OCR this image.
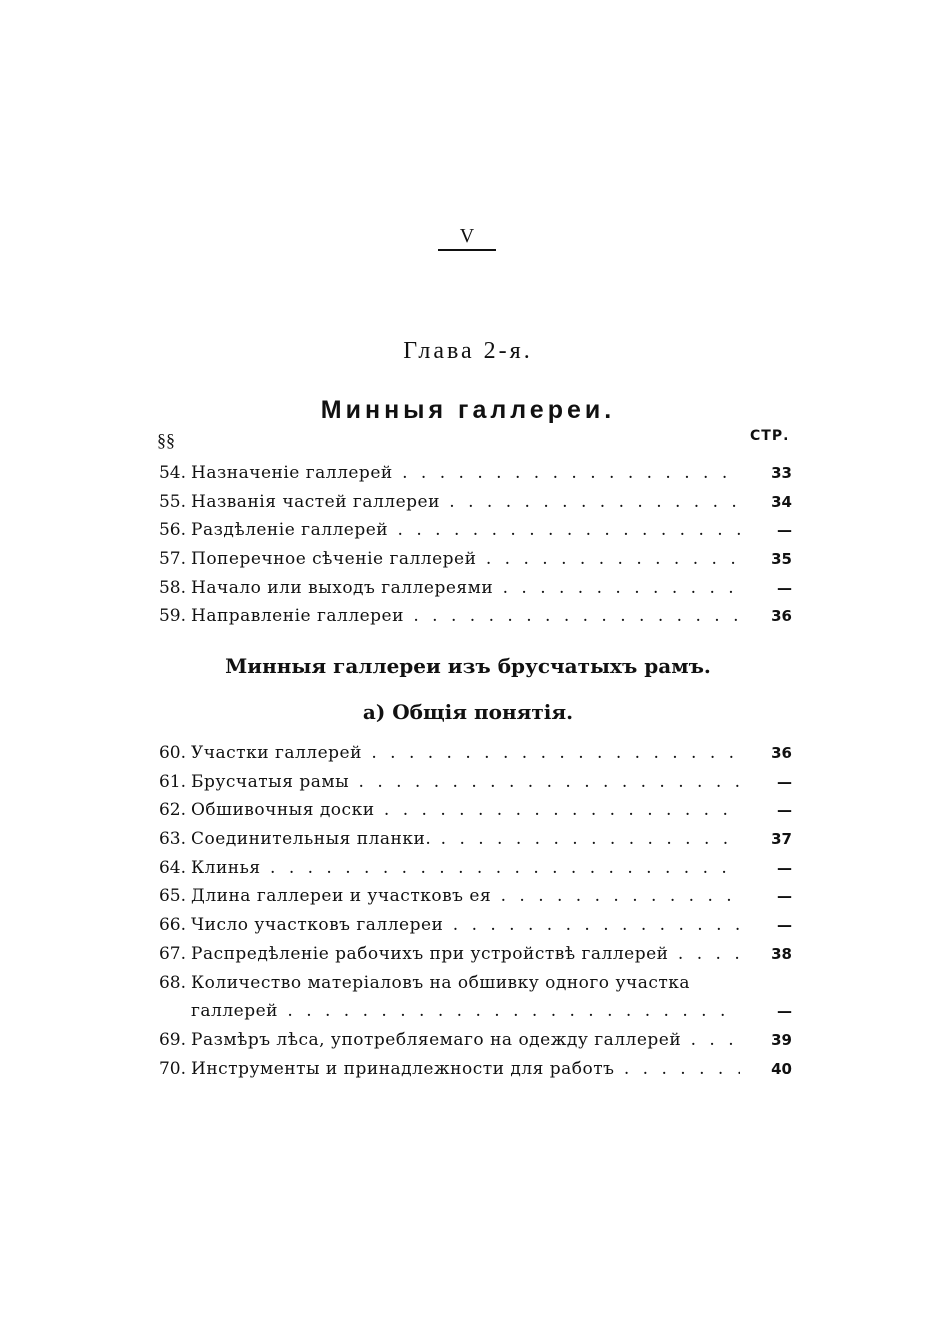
V
Глава 2-я.
Минныя галлереи.
§§	СТР.
54. Назначеніе галлерей . . .	33
55. Названія частей галлереи . . .	34
56. Раздѣленіе галлерей . . .	—
57. Поперечное сѣченіе галлерей . . .	35
58. Начало или выходъ галлереями . . .	—
59. Направленіе галлереи . . .	36
Минныя галлереи изъ брусчатыхъ рамъ.
а) Общія понятія.
60. Участки галлерей . . .	36
61. Брусчатыя рамы . . .	—
62. Обшивочныя доски . . .	—
63. Соединительныя планки. . . .	37
64. Клинья . . .	—
65. Длина галлереи и участковъ ея . . .	—
66. Число участковъ галлереи . . .	—
67. Распредѣленіе рабочихъ при устройствѣ галлерей . . .	38
68. Количество матеріаловъ на обшивку одного участка
галлерей . . .	—
69. Размѣръ лѣса, употребляемаго на одежду галлерей . . .	39
70. Инструменты и принадлежности для работъ . . .	40
